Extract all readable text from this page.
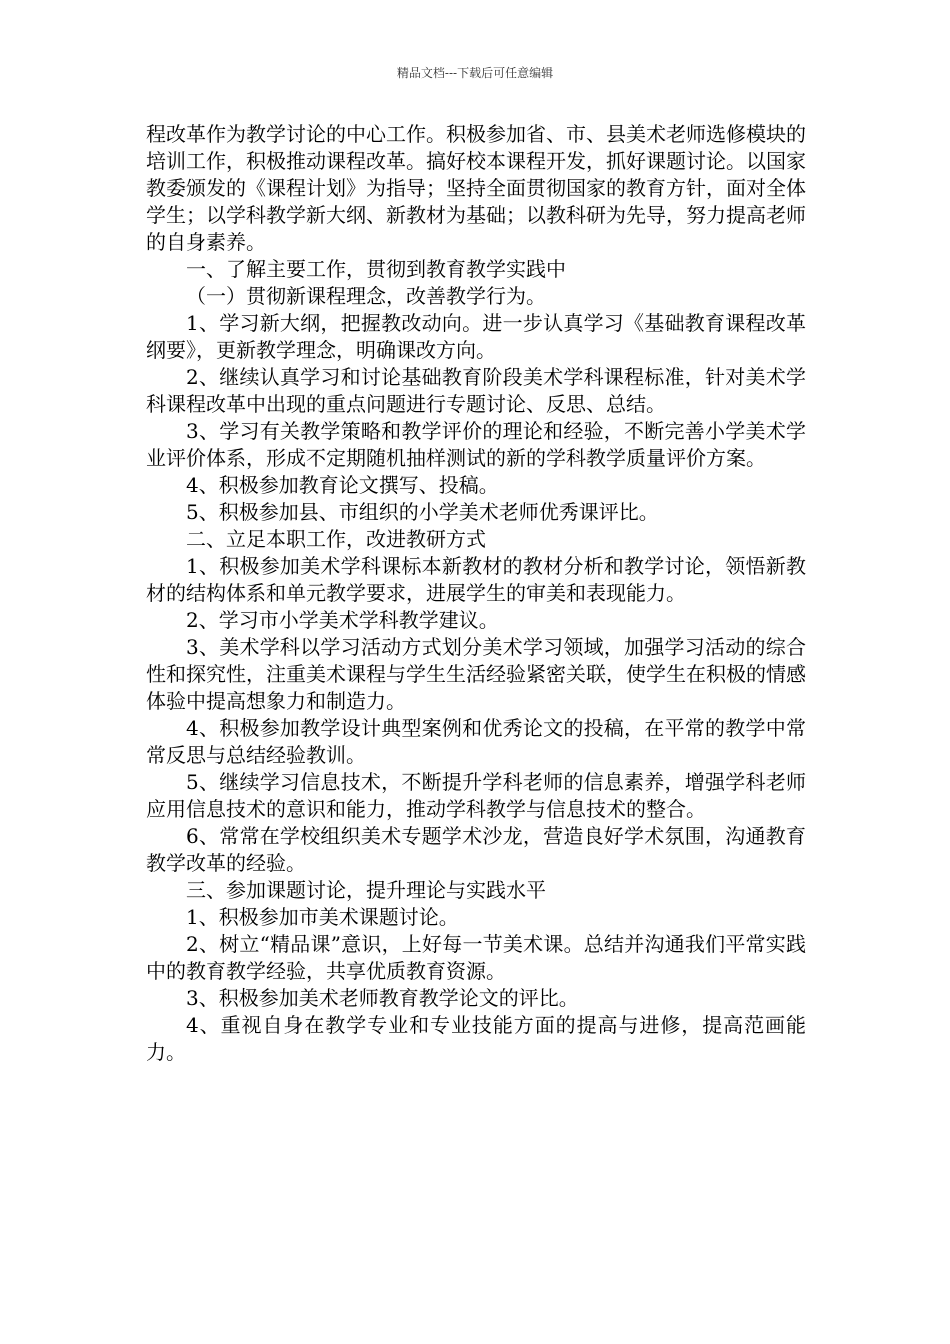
精品文档---下载后可任意编辑

程改革作为教学讨论的中心工作。积极参加省、市、县美术老师选修模块的培训工作，积极推动课程改革。搞好校本课程开发，抓好课题讨论。以国家教委颁发的《课程计划》为指导；坚持全面贯彻国家的教育方针，面对全体学生；以学科教学新大纲、新教材为基础；以教科研为先导，努力提高老师的自身素养。

一、了解主要工作，贯彻到教育教学实践中

（一）贯彻新课程理念，改善教学行为。

1、学习新大纲，把握教改动向。进一步认真学习《基础教育课程改革纲要》，更新教学理念，明确课改方向。

2、继续认真学习和讨论基础教育阶段美术学科课程标准，针对美术学科课程改革中出现的重点问题进行专题讨论、反思、总结。

3、学习有关教学策略和教学评价的理论和经验，不断完善小学美术学业评价体系，形成不定期随机抽样测试的新的学科教学质量评价方案。

4、积极参加教育论文撰写、投稿。

5、积极参加县、市组织的小学美术老师优秀课评比。

二、立足本职工作，改进教研方式

1、积极参加美术学科课标本新教材的教材分析和教学讨论，领悟新教材的结构体系和单元教学要求，进展学生的审美和表现能力。

2、学习市小学美术学科教学建议。

3、美术学科以学习活动方式划分美术学习领域，加强学习活动的综合性和探究性，注重美术课程与学生生活经验紧密关联，使学生在积极的情感体验中提高想象力和制造力。

4、积极参加教学设计典型案例和优秀论文的投稿，在平常的教学中常常反思与总结经验教训。

5、继续学习信息技术，不断提升学科老师的信息素养，增强学科老师应用信息技术的意识和能力，推动学科教学与信息技术的整合。

6、常常在学校组织美术专题学术沙龙，营造良好学术氛围，沟通教育教学改革的经验。

三、参加课题讨论，提升理论与实践水平

1、积极参加市美术课题讨论。

2、树立“精品课”意识，上好每一节美术课。总结并沟通我们平常实践中的教育教学经验，共享优质教育资源。

3、积极参加美术老师教育教学论文的评比。

4、重视自身在教学专业和专业技能方面的提高与进修，提高范画能力。
